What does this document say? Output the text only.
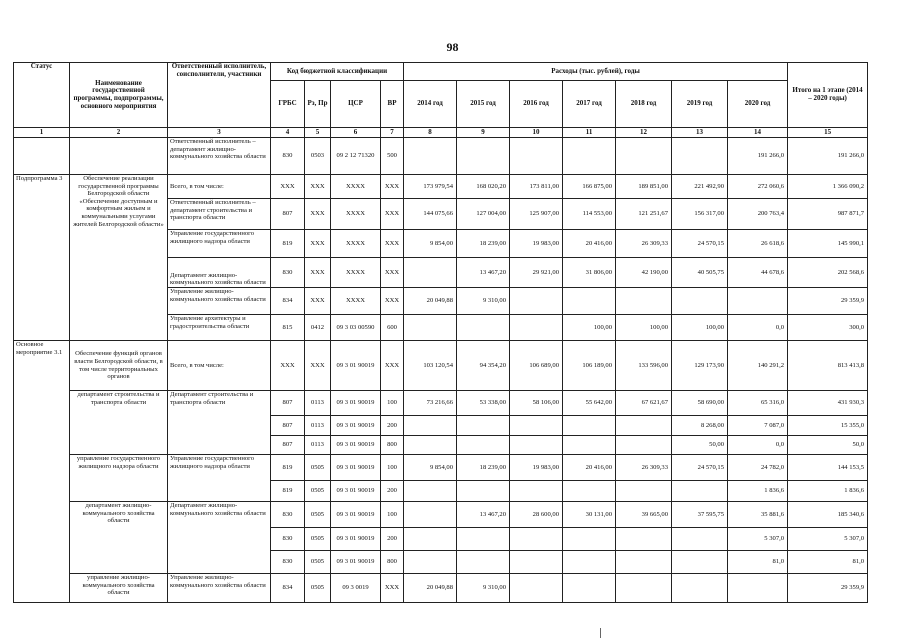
98
Статус	Наименование государственной программы, подпрограммы, основного мероприятия	Ответственный исполнитель, соисполнители, участники	Код бюджетной классификации				Расходы (тыс. рублей), годы							Итого на 1 этапе (2014 – 2020 годы)
			ГРБС	Рз, Пр	ЦСР	ВР	2014 год	2015 год	2016 год	2017 год	2018 год	2019 год	2020 год	
1	2	3	4	5	6	7	8	9	10	11	12	13	14	15
		Ответственный исполнитель – департамент жилищно-коммунального хозяйства области	830	0503	09 2 12 71320	500							191 266,0	191 266,0
Подпрограмма 3	Обеспечение реализации государственной программы Белгородской области «Обеспечение доступным и комфортным жильем и коммунальными услугами жителей Белгородской области»	Всего, в том числе:	ХХХ	ХХХ	ХХХХ	ХХХ	173 979,54	168 020,20	173 811,00	166 875,00	189 851,00	221 492,90	272 060,6	1 366 090,2
		Ответственный исполнитель – департамент строительства и транспорта области	807	ХХХ	ХХХХ	ХХХ	144 075,66	127 004,00	125 907,00	114 553,00	121 251,67	156 317,00	200 763,4	987 871,7
		Управление государственного жилищного надзора области	819	ХХХ	ХХХХ	ХХХ	9 854,00	18 239,00	19 983,00	20 416,00	26 309,33	24 570,15	26 618,6	145 990,1
		Департамент жилищно-коммунального хозяйства области	830	ХХХ	ХХХХ	ХХХ		13 467,20	29 921,00	31 806,00	42 190,00	40 505,75	44 678,6	202 568,6
		Управление жилищно-коммунального хозяйства области	834	ХХХ	ХХХХ	ХХХ	20 049,88	9 310,00						29 359,9
		Управление архитектуры и градостроительства области	815	0412	09 3 03 00590	600				100,00	100,00	100,00	0,0	300,0
Основное мероприятие 3.1	Обеспечение функций органов власти Белгородской области, в том числе территориальных органов	Всего, в том числе:	ХХХ	ХХХ	09 3 01 90019	ХХХ	103 120,54	94 354,20	106 689,00	106 189,00	133 596,00	129 173,90	140 291,2	813 413,8
	департамент строительства и транспорта области	Департамент строительства и транспорта области	807	0113	09 3 01 90019	100	73 216,66	53 338,00	58 106,00	55 642,00	67 621,67	58 690,00	65 316,0	431 930,3
			807	0113	09 3 01 90019	200						8 268,00	7 087,0	15 355,0
			807	0113	09 3 01 90019	800						50,00	0,0	50,0
	управление государственного жилищного надзора области	Управление государственного жилищного надзора области	819	0505	09 3 01 90019	100	9 854,00	18 239,00	19 983,00	20 416,00	26 309,33	24 570,15	24 782,0	144 153,5
			819	0505	09 3 01 90019	200							1 836,6	1 836,6
	департамент жилищно-коммунального хозяйства области	Департамент жилищно-коммунального хозяйства области	830	0505	09 3 01 90019	100		13 467,20	28 600,00	30 131,00	39 665,00	37 595,75	35 881,6	185 340,6
			830	0505	09 3 01 90019	200							5 307,0	5 307,0
			830	0505	09 3 01 90019	800							81,0	81,0
	управление жилищно-коммунального хозяйства области	Управление жилищно-коммунального хозяйства области	834	0505	09 3 0019	ХХХ	20 049,88	9 310,00						29 359,9
